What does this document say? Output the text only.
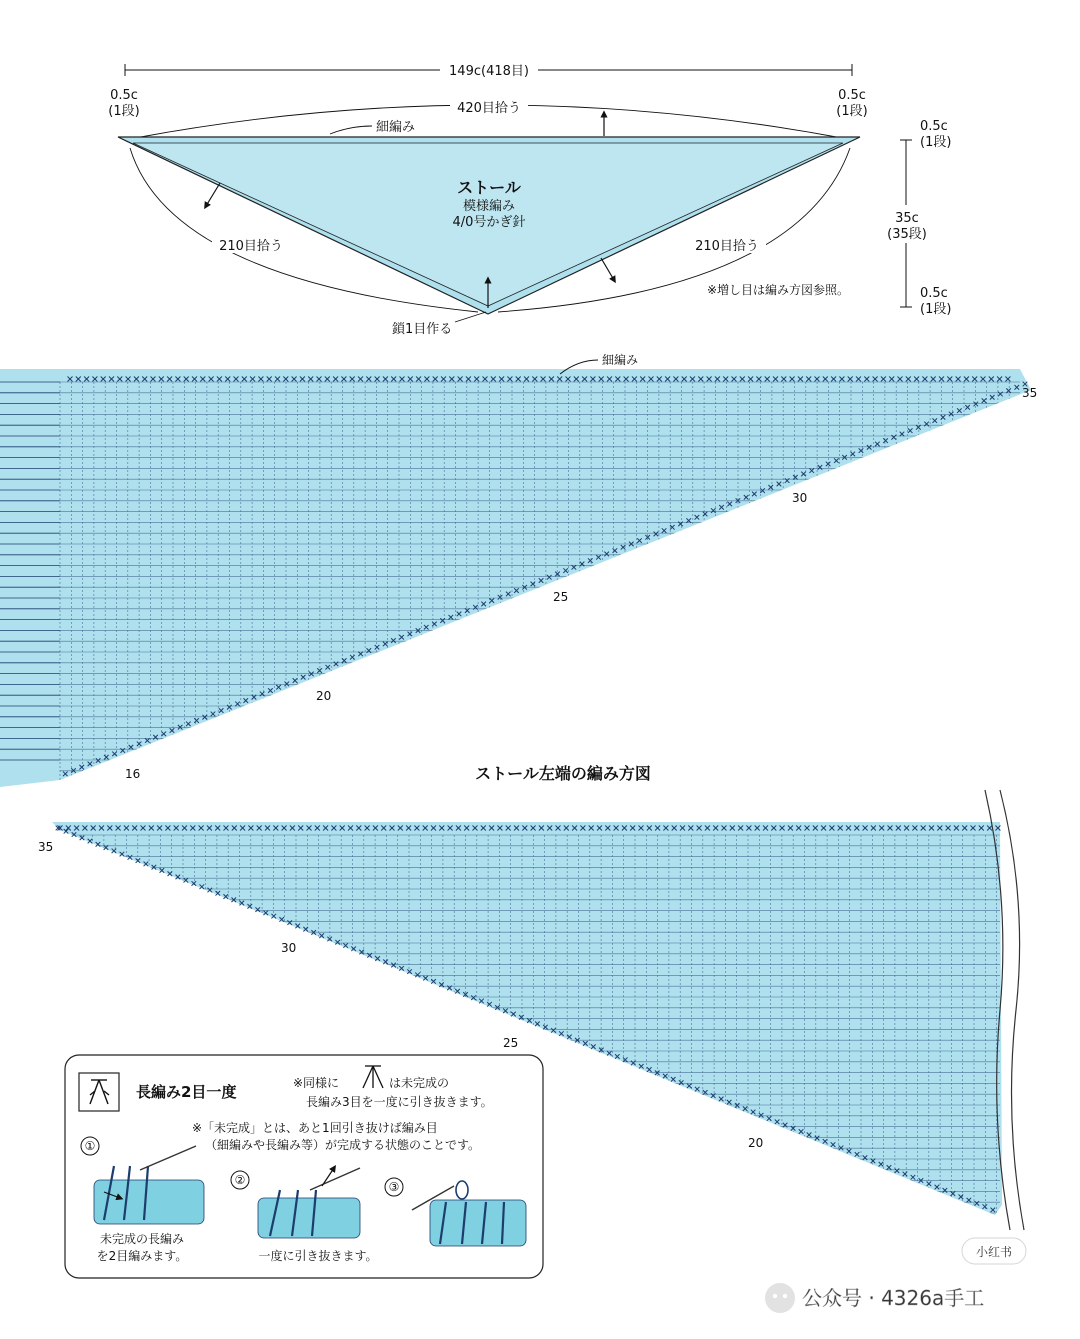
149c(418目)
0.5c
(1段)
0.5c
(1段)
420目拾う
細編み
ストール
模様編み
4/0号かぎ針
210目拾う	210目拾う
鎖1目作る
0.5c
(1段)
35c
(35段)
0.5c
(1段)
※増し目は編み方図参照。
細編み
35
30
25
20
16	ストール左端の編み方図
35
30
25
20
長編み2目一度	※同様に	は未完成の
長編み3目を一度に引き抜きます。
※「未完成」とは、あと1回引き抜けば編み目
（細編みや長編み等）が完成する状態のことです。
①
未完成の長編み
を2目編みます。
②
一度に引き抜きます。
③
小红书
公众号 · 4326a手工
